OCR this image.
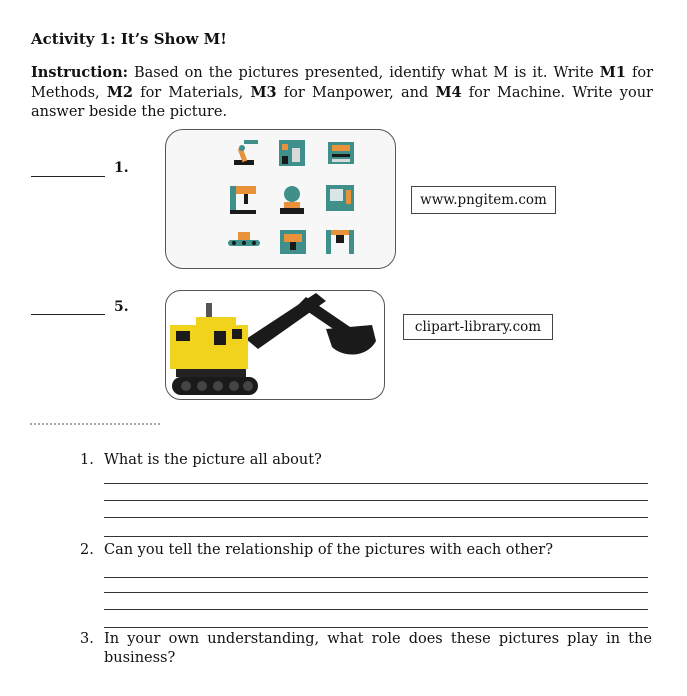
Activity 1: It’s Show M!
Instruction: Based on the pictures presented, identify what M is it. Write M1 for Methods, M2 for Materials, M3 for Manpower, and M4 for Machine. Write your answer beside the picture.
1.
www.pngitem.com
5.
clipart-library.com
1. What is the picture all about?
2. Can you tell the relationship of the pictures with each other?
3. In your own understanding, what role does these pictures play in the business?
